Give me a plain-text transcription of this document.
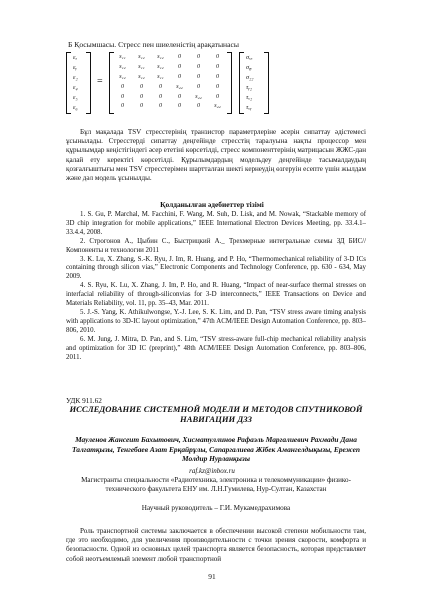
Б Қосымшасы. Стресс пен шиеленістің арақатынасы
εₓ
εᵧ
ε₂
ε₄
ε₅
ε₆
=
s₁₁	s₁₂	s₁₂	0	0	0
s₁₂	s₁₁	s₁₂	0	0	0
s₁₂	s₁₂	s₁₁	0	0	0
0	0	0	s₄₄	0	0
0	0	0	0	s₄₄	0
0	0	0	0	0	s₄₄
σₓₓ
σᵧᵧ
σ₂₂
τᵧ₂
τₓ₂
τₓᵧ
Бұл мақалада TSV стресстерінің транзистор параметрлеріне әсерін сипаттау әдістемесі ұсынылады. Стресстерді сипаттау деңгейінде стресстің таралуына нақты процессор мен құрылымдар кеңістігіндегі әсер ететіні көрсетілді, стресс компоненттерінің матрицасын ЖЖС-дан қалай ету керектігі көрсетілді. Құрылымдардың модельдеу деңгейінде тасымалдаудың қозғалғыштығы мен TSV стресстерімен шартталған шекті кернеудің өзгеруін есепте үшін жылдам және дәл модель ұсынылды.
Қолданылған әдебиеттер тізімі

1. S. Gu, P. Marchal, M. Facchini, F. Wang, M. Suh, D. Lisk, and M. Nowak, “Stackable memory of 3D chip integration for mobile applications,” IEEE International Electron Devices Meeting, pp. 33.4.1– 33.4.4, 2008.

2. Строгонов А., Цыбин С., Быстрицкий А._ Трехмерные интегральные схемы ЗД БИС// Компоненты и технологии 2011

3. K. Lu, X. Zhang, S.-K. Ryu, J. Im, R. Huang, and P. Ho, “Thermomechanical reliability of 3-D ICs containing through silicon vias,” Electronic Components and Technology Conference, pp. 630 - 634, May 2009.

4. S. Ryu, K. Lu, X. Zhang, J. Im, P. Ho, and R. Huang, “Impact of near-surface thermal stresses on interfacial reliability of through-siliconvias for 3-D interconnects,” IEEE Transactions on Device and Materials Reliability, vol. 11, pp. 35–43, Mar. 2011.

5. J.-S. Yang, K. Athikulwongse, Y.-J. Lee, S. K. Lim, and D. Pan, “TSV stress aware timing analysis with applications to 3D-IC layout optimization,” 47th ACM/IEEE Design Automation Conference, pp. 803–806, 2010.

6. M. Jung, J. Mitra, D. Pan, and S. Lim, “TSV stress-aware full-chip mechanical reliability analysis and optimization for 3D IC (preprint),” 48th ACM/IEEE Design Automation Conference, pp. 803–806, 2011.

УДК 911.62
ИССЛЕДОВАНИЕ СИСТЕМНОЙ МОДЕЛИ И МЕТОДОВ СПУТНИКОВОЙ НАВИГАЦИИ ДЗЗ
Мауленов Жансеит Бахытович, Хисматуллинов Рафаэль Маргалиевич Рахмади Дана Талгатқызы, Тенгебаев Азат Ерқайрұлы, Сапаргалиева Жібек Амангелдықызы, Ережеп Молдир Нурланқызы
raf.kz@inbox.ru
Магистранты специальности «Радиотехника, электроника и телекоммуникации» физико-технического факультета ЕНУ им. Л.Н.Гумилева, Нур-Султан, Казахстан
Научный руководитель – Г.И. Мукамедрахимова
Роль транспортной системы заключается в обеспечении высокой степени мобильности там, где это необходимо, для увеличения производительности с точки зрения скорости, комфорта и безопасности. Одной из основных целей транспорта является безопасность, которая представляет собой неотъемлемый элемент любой транспортной
91
